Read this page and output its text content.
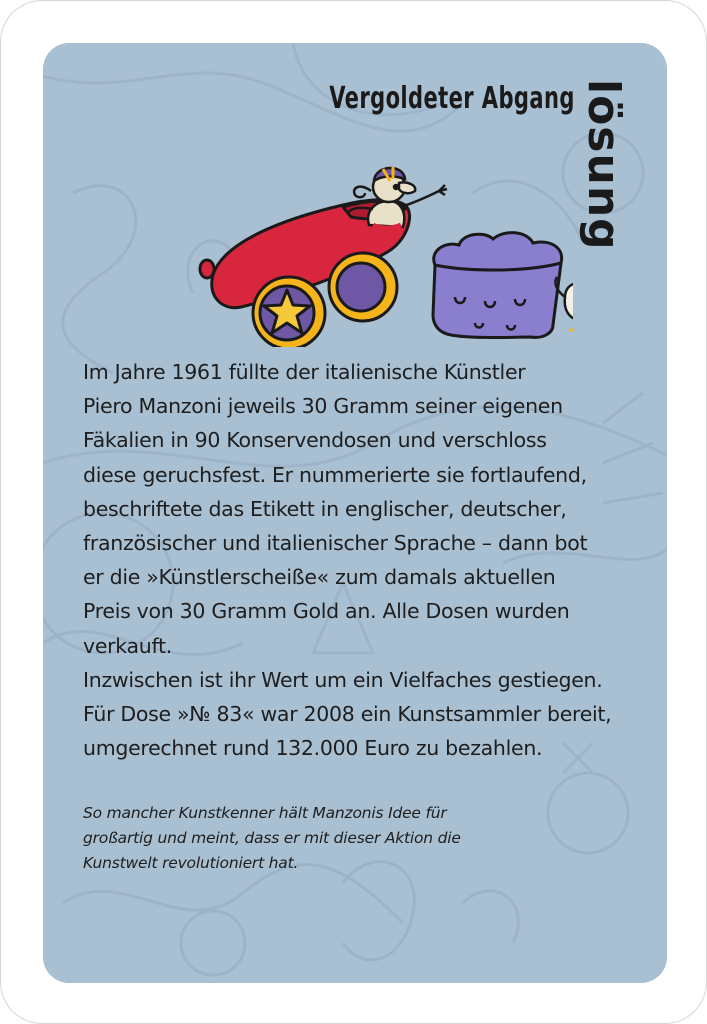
Vergoldeter Abgang lösung

Im Jahre 1961 füllte der italienische Künstler

Piero Manzoni jeweils 30 Gramm seiner eigenen

Fäkalien in 90 Konservendosen und verschloss

diese geruchsfest. Er nummerierte sie fortlaufend,

beschriftete das Etikett in englischer, deutscher,

französischer und italienischer Sprache – dann bot

er die »Künstlerscheiße« zum damals aktuellen

Preis von 30 Gramm Gold an. Alle Dosen wurden

verkauft.

Inzwischen ist ihr Wert um ein Vielfaches gestiegen.

Für Dose »№ 83« war 2008 ein Kunstsammler bereit,

umgerechnet rund 132.000 Euro zu bezahlen.

So mancher Kunstkenner hält Manzonis Idee für

großartig und meint, dass er mit dieser Aktion die

Kunstwelt revolutioniert hat.
